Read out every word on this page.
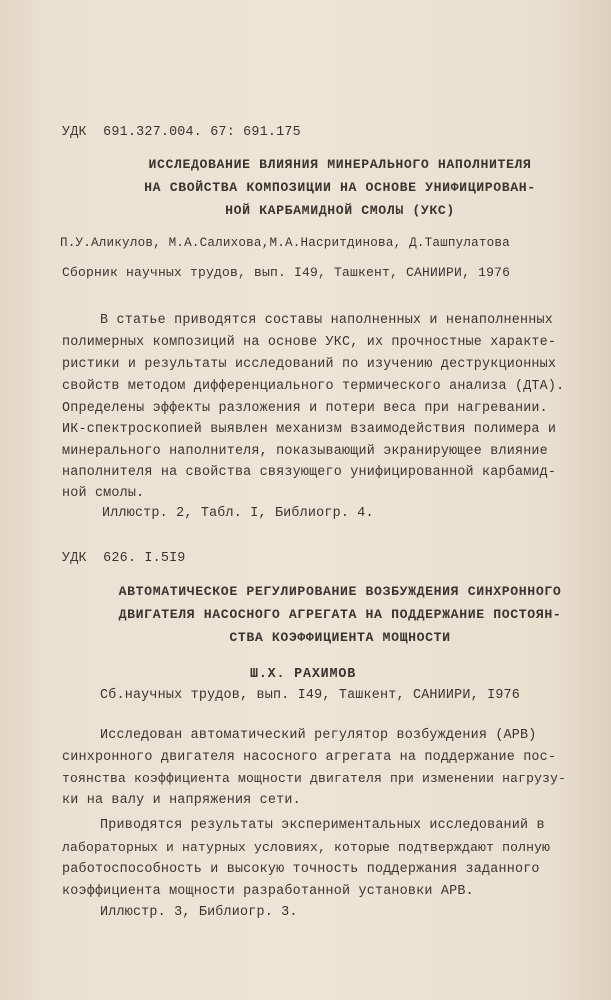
УДК  691.327.004. 67: 691.175
ИССЛЕДОВАНИЕ ВЛИЯНИЯ МИНЕРАЛЬНОГО НАПОЛНИТЕЛЯ
НА СВОЙСТВА КОМПОЗИЦИИ НА ОСНОВЕ УНИФИЦИРОВАН-
НОЙ КАРБАМИДНОЙ СМОЛЫ (УКС)
П.У.Аликулов, М.А.Салихова,М.А.Насритдинова, Д.Ташпулатова
Сборник научных трудов, вып. I49, Ташкент, САНИИРИ, 1976
В статье приводятся составы наполненных и ненаполненных
полимерных композиций на основе УКС, их прочностные характе-
ристики и результаты исследований по изучению деструкционных
свойств методом дифференциального термического анализа (ДТА).
Определены эффекты разложения и потери веса при нагревании.
ИК-спектроскопией выявлен механизм взаимодействия полимера и
минерального наполнителя, показывающий экранирующее влияние
наполнителя на свойства связующего унифицированной карбамид-
ной смолы.
Иллюстр. 2, Табл. I, Библиогр. 4.
УДК  626. I.5I9
АВТОМАТИЧЕСКОЕ РЕГУЛИРОВАНИЕ ВОЗБУЖДЕНИЯ СИНХРОННОГО
ДВИГАТЕЛЯ НАСОСНОГО АГРЕГАТА НА ПОДДЕРЖАНИЕ ПОСТОЯН-
СТВА КОЭФФИЦИЕНТА МОЩНОСТИ
Ш.Х. РАХИМОВ
Сб.научных трудов, вып. I49, Ташкент, САНИИРИ, I976
Исследован автоматический регулятор возбуждения (АРВ)
синхронного двигателя насосного агрегата на поддержание пос-
тоянства коэффициента мощности двигателя при изменении нагрузу-
ки на валу и напряжения сети.
Приводятся результаты экспериментальных исследований в
лабораторных и натурных условиях, которые подтверждают полную
работоспособность и высокую точность поддержания заданного
коэффициента мощности разработанной установки АРВ.
Иллюстр. 3, Библиогр. 3.
